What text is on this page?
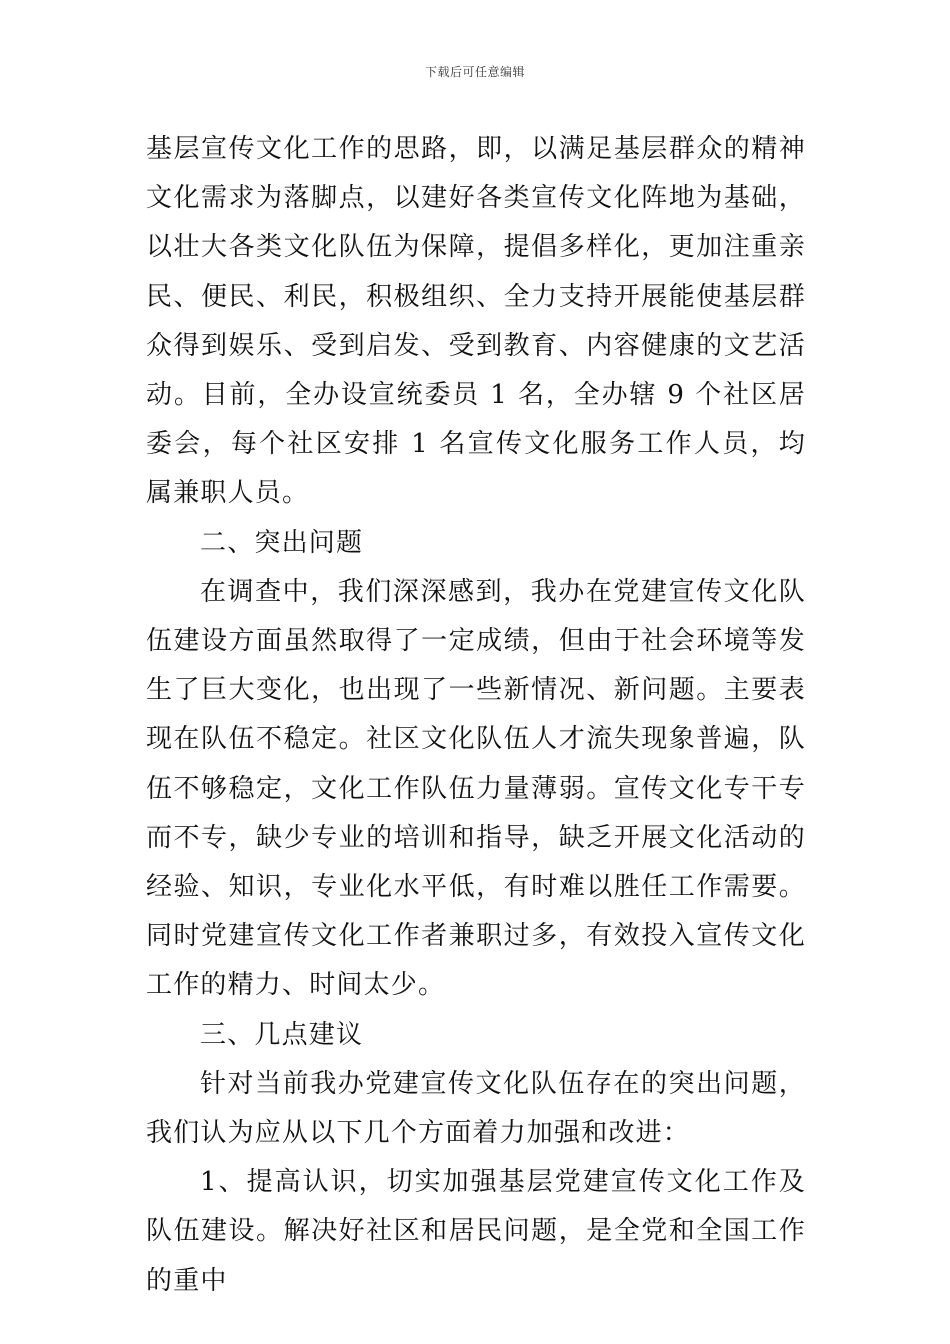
下载后可任意编辑

基层宣传文化工作的思路，即，以满足基层群众的精神文化需求为落脚点，以建好各类宣传文化阵地为基础，以壮大各类文化队伍为保障，提倡多样化，更加注重亲民、便民、利民，积极组织、全力支持开展能使基层群众得到娱乐、受到启发、受到教育、内容健康的文艺活动。目前，全办设宣统委员 1 名，全办辖 9 个社区居委会，每个社区安排 1 名宣传文化服务工作人员，均属兼职人员。

二、突出问题

在调查中，我们深深感到，我办在党建宣传文化队伍建设方面虽然取得了一定成绩，但由于社会环境等发生了巨大变化，也出现了一些新情况、新问题。主要表现在队伍不稳定。社区文化队伍人才流失现象普遍，队伍不够稳定，文化工作队伍力量薄弱。宣传文化专干专而不专，缺少专业的培训和指导，缺乏开展文化活动的经验、知识，专业化水平低，有时难以胜任工作需要。同时党建宣传文化工作者兼职过多，有效投入宣传文化工作的精力、时间太少。

三、几点建议

针对当前我办党建宣传文化队伍存在的突出问题，我们认为应从以下几个方面着力加强和改进：

1、提高认识，切实加强基层党建宣传文化工作及队伍建设。解决好社区和居民问题，是全党和全国工作的重中
